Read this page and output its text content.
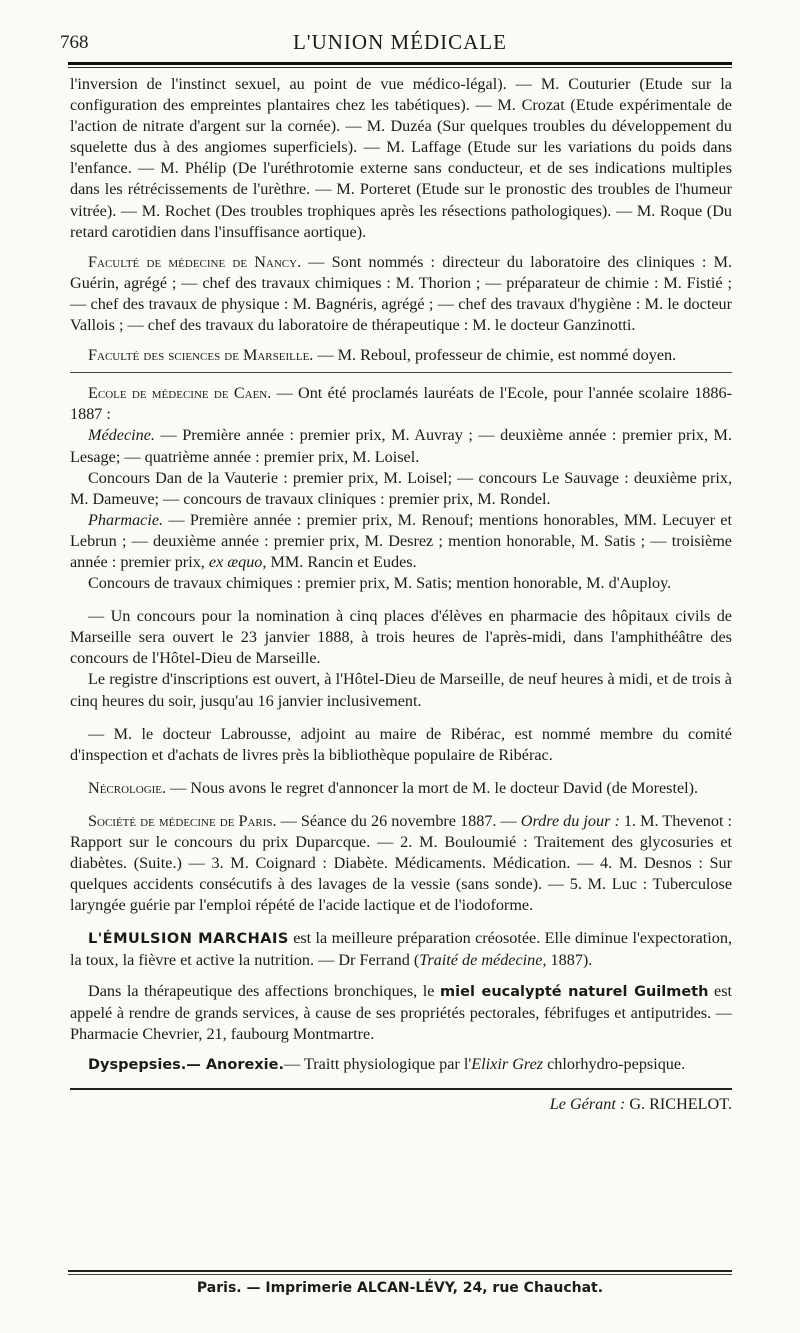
768	L'UNION MÉDICALE

l'inversion de l'instinct sexuel, au point de vue médico-légal). — M. Couturier (Etude sur la configuration des empreintes plantaires chez les tabétiques). — M. Crozat (Etude expérimentale de l'action de nitrate d'argent sur la cornée). — M. Duzéa (Sur quelques troubles du développement du squelette dus à des angiomes superficiels). — M. Laffage (Etude sur les variations du poids dans l'enfance. — M. Phélip (De l'uréthrotomie externe sans conducteur, et de ses indications multiples dans les rétrécissements de l'urèthre. — M. Porteret (Etude sur le pronostic des troubles de l'humeur vitrée). — M. Rochet (Des troubles trophiques après les résections pathologiques). — M. Roque (Du retard carotidien dans l'insuffisance aortique).

Faculté de médecine de Nancy. — Sont nommés : directeur du laboratoire des cliniques : M. Guérin, agrégé ; — chef des travaux chimiques : M. Thorion ; — préparateur de chimie : M. Fistié ; — chef des travaux de physique : M. Bagnéris, agrégé ; — chef des travaux d'hygiène : M. le docteur Vallois ; — chef des travaux du laboratoire de thérapeutique : M. le docteur Ganzinotti.

Faculté des sciences de Marseille. — M. Reboul, professeur de chimie, est nommé doyen.

Ecole de médecine de Caen. — Ont été proclamés lauréats de l'Ecole, pour l'année scolaire 1886-1887 :

Médecine. — Première année : premier prix, M. Auvray ; — deuxième année : premier prix, M. Lesage; — quatrième année : premier prix, M. Loisel.

Concours Dan de la Vauterie : premier prix, M. Loisel; — concours Le Sauvage : deuxième prix, M. Dameuve; — concours de travaux cliniques : premier prix, M. Rondel.

Pharmacie. — Première année : premier prix, M. Renouf; mentions honorables, MM. Lecuyer et Lebrun ; — deuxième année : premier prix, M. Desrez ; mention honorable, M. Satis ; — troisième année : premier prix, ex æquo, MM. Rancin et Eudes.

Concours de travaux chimiques : premier prix, M. Satis; mention honorable, M. d'Auploy.

— Un concours pour la nomination à cinq places d'élèves en pharmacie des hôpitaux civils de Marseille sera ouvert le 23 janvier 1888, à trois heures de l'après-midi, dans l'amphithéâtre des concours de l'Hôtel-Dieu de Marseille.

Le registre d'inscriptions est ouvert, à l'Hôtel-Dieu de Marseille, de neuf heures à midi, et de trois à cinq heures du soir, jusqu'au 16 janvier inclusivement.

— M. le docteur Labrousse, adjoint au maire de Ribérac, est nommé membre du comité d'inspection et d'achats de livres près la bibliothèque populaire de Ribérac.

Nécrologie. — Nous avons le regret d'annoncer la mort de M. le docteur David (de Morestel).

Société de médecine de Paris. — Séance du 26 novembre 1887. — Ordre du jour : 1. M. Thevenot : Rapport sur le concours du prix Duparcque. — 2. M. Bouloumié : Traitement des glycosuries et diabètes. (Suite.) — 3. M. Coignard : Diabète. Médicaments. Médication. — 4. M. Desnos : Sur quelques accidents consécutifs à des lavages de la vessie (sans sonde). — 5. M. Luc : Tuberculose laryngée guérie par l'emploi répété de l'acide lactique et de l'iodoforme.

L'ÉMULSION MARCHAIS est la meilleure préparation créosotée. Elle diminue l'expectoration, la toux, la fièvre et active la nutrition. — Dr Ferrand (Traité de médecine, 1887).

Dans la thérapeutique des affections bronchiques, le miel eucalypté naturel Guilmeth est appelé à rendre de grands services, à cause de ses propriétés pectorales, fébrifuges et antiputrides. — Pharmacie Chevrier, 21, faubourg Montmartre.

Dyspepsies.— Anorexie.— Traitt physiologique par l'Elixir Grez chlorhydro-pepsique.

Le Gérant : G. RICHELOT.

Paris. — Imprimerie ALCAN-LÉVY, 24, rue Chauchat.
